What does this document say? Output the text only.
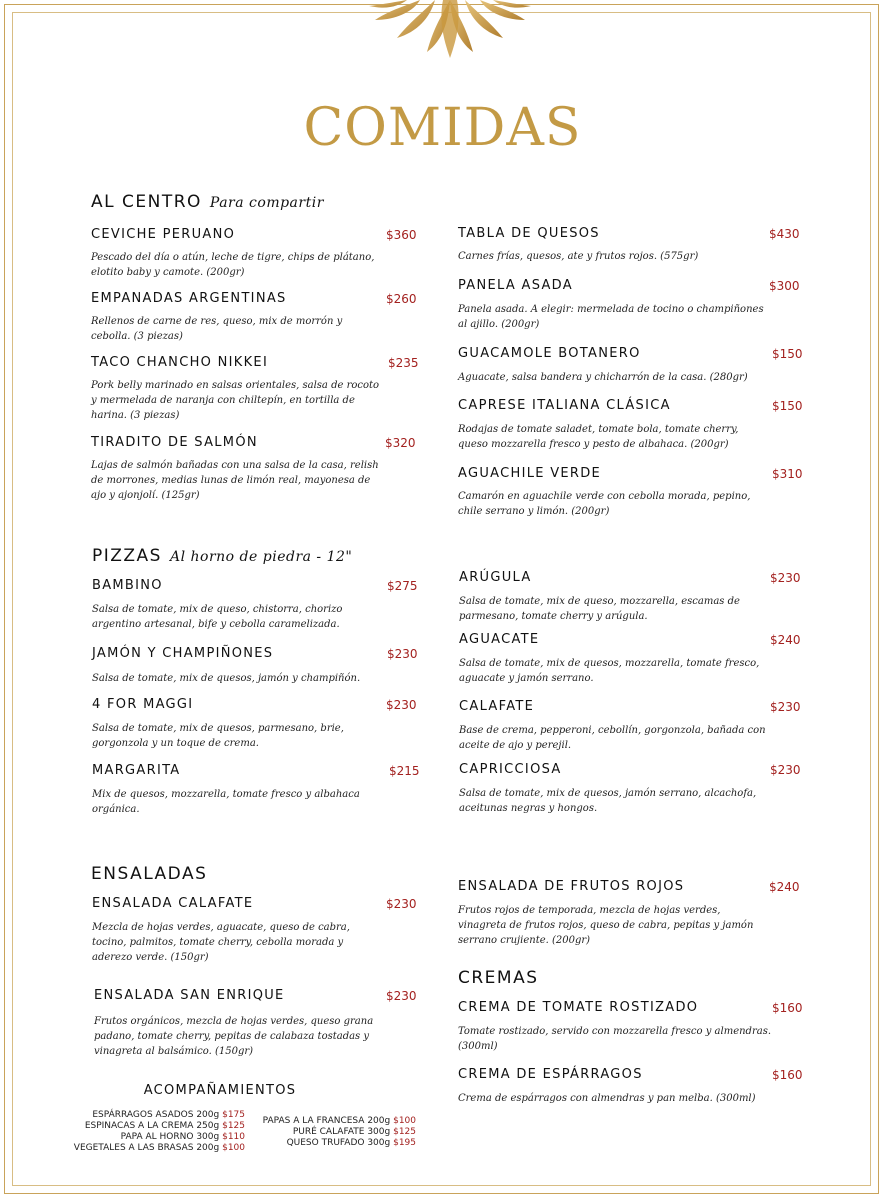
COMIDAS
AL CENTRO Para compartir
CEVICHE PERUANO	$360
Pescado del día o atún, leche de tigre, chips de plátano, elotito baby y camote. (200gr)
EMPANADAS ARGENTINAS	$260
Rellenos de carne de res, queso, mix de morrón y cebolla. (3 piezas)
TACO CHANCHO NIKKEI	$235
Pork belly marinado en salsas orientales, salsa de rocoto y mermelada de naranja con chiltepín, en tortilla de harina. (3 piezas)
TIRADITO DE SALMÓN	$320
Lajas de salmón bañadas con una salsa de la casa, relish de morrones, medias lunas de limón real, mayonesa de ajo y ajonjolí. (125gr)
TABLA DE QUESOS	$430
Carnes frías, quesos, ate y frutos rojos. (575gr)
PANELA ASADA	$300
Panela asada. A elegir: mermelada de tocino o champiñones al ajillo. (200gr)
GUACAMOLE BOTANERO	$150
Aguacate, salsa bandera y chicharrón de la casa. (280gr)
CAPRESE ITALIANA CLÁSICA	$150
Rodajas de tomate saladet, tomate bola, tomate cherry, queso mozzarella fresco y pesto de albahaca. (200gr)
AGUACHILE VERDE	$310
Camarón en aguachile verde con cebolla morada, pepino, chile serrano y limón. (200gr)
PIZZAS Al horno de piedra - 12"
BAMBINO	$275
Salsa de tomate, mix de queso, chistorra, chorizo argentino artesanal, bife y cebolla caramelizada.
JAMÓN Y CHAMPIÑONES	$230
Salsa de tomate, mix de quesos, jamón y champiñón.
4 FOR MAGGI	$230
Salsa de tomate, mix de quesos, parmesano, brie, gorgonzola y un toque de crema.
MARGARITA	$215
Mix de quesos, mozzarella, tomate fresco y albahaca orgánica.
ARÚGULA	$230
Salsa de tomate, mix de queso, mozzarella, escamas de parmesano, tomate cherry y arúgula.
AGUACATE	$240
Salsa de tomate, mix de quesos, mozzarella, tomate fresco, aguacate y jamón serrano.
CALAFATE	$230
Base de crema, pepperoni, cebollín, gorgonzola, bañada con aceite de ajo y perejil.
CAPRICCIOSA	$230
Salsa de tomate, mix de quesos, jamón serrano, alcachofa, aceitunas negras y hongos.
ENSALADAS
ENSALADA CALAFATE	$230
Mezcla de hojas verdes, aguacate, queso de cabra, tocino, palmitos, tomate cherry, cebolla morada y aderezo verde. (150gr)
ENSALADA SAN ENRIQUE	$230
Frutos orgánicos, mezcla de hojas verdes, queso grana padano, tomate cherry, pepitas de calabaza tostadas y vinagreta al balsámico. (150gr)
ENSALADA DE FRUTOS ROJOS	$240
Frutos rojos de temporada, mezcla de hojas verdes, vinagreta de frutos rojos, queso de cabra, pepitas y jamón serrano crujiente. (200gr)
CREMAS
CREMA DE TOMATE ROSTIZADO	$160
Tomate rostizado, servido con mozzarella fresco y almendras. (300ml)
CREMA DE ESPÁRRAGOS	$160
Crema de espárragos con almendras y pan melba. (300ml)
ACOMPAÑAMIENTOS
ESPÁRRAGOS ASADOS 200g $175
ESPINACAS A LA CREMA 250g $125
PAPA AL HORNO 300g $110
VEGETALES A LAS BRASAS 200g $100
PAPAS A LA FRANCESA 200g $100
PURÉ CALAFATE 300g $125
QUESO TRUFADO 300g $195
